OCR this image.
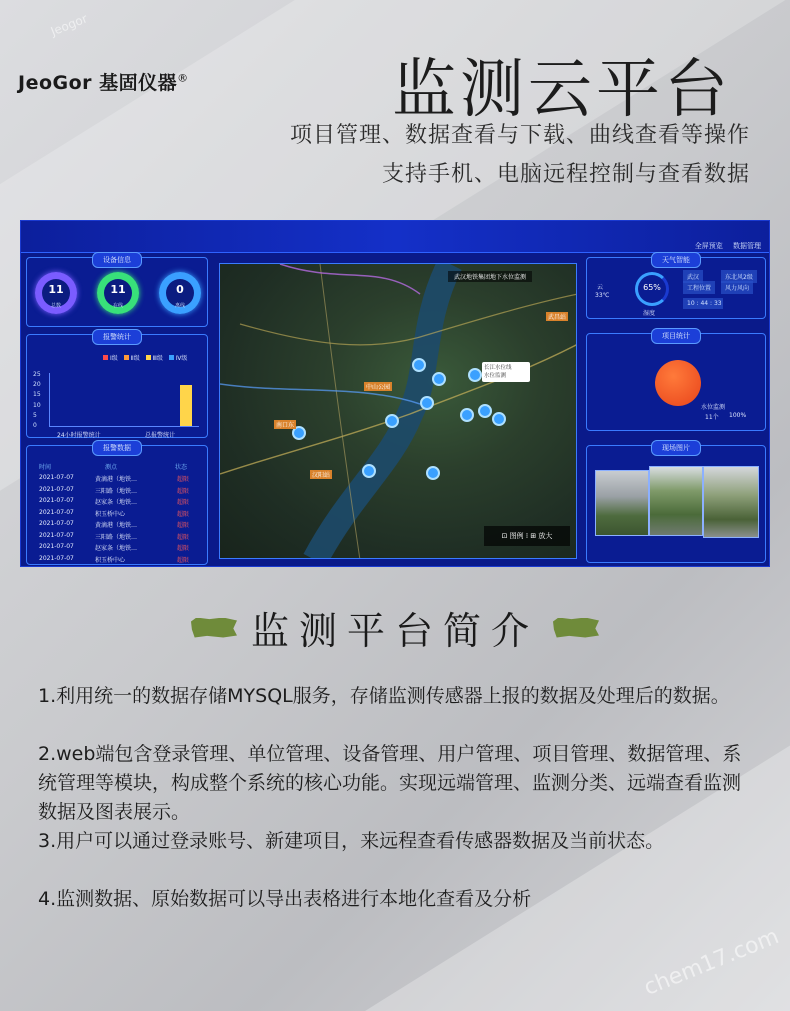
Jeogor
JeoGor 基固仪器®	监测云平台
项目管理、数据查看与下载、曲线查看等操作
支持手机、电脑远程控制与查看数据
全屏预览 数据管理
设备信息
11
总数
11
在线
0
离线
报警统计
Ⅰ级 Ⅱ级 Ⅲ级 Ⅳ级
25
20
15
10
5
0
24小时报警统计	总报警统计
报警数据
时间	测点	状态
2021-07-07	黄滴港（地铁…	超限
2021-07-07	三阳路（地铁…	超限
2021-07-07	赵家条（地铁…	超限
2021-07-07	积玉桥中心	超限
2021-07-07	黄滴港（地铁…	超限
2021-07-07	三阳路（地铁…	超限
2021-07-07	赵家条（地铁…	超限
2021-07-07	积玉桥中心	超限
武汉地铁集团地下水位监测
长江水位线
水位监测
南口东
汉阳站
中山公园
武昌站
⊡ 图例 ⁞ ⊞ 放大
天气智能
云
33℃
65%
湿度
武汉	东北风2级
工程位置	风力风向
10 : 44 : 33
项目统计
水位监测
11个 100%
现场图片
监测平台简介
1.利用统一的数据存储MYSQL服务，存储监测传感器上报的数据及处理后的数据。
2.web端包含登录管理、单位管理、设备管理、用户管理、项目管理、数据管理、系统管理等模块，构成整个系统的核心功能。实现远端管理、监测分类、远端查看监测数据及图表展示。
3.用户可以通过登录账号、新建项目，来远程查看传感器数据及当前状态。
4.监测数据、原始数据可以导出表格进行本地化查看及分析
chem17.com
